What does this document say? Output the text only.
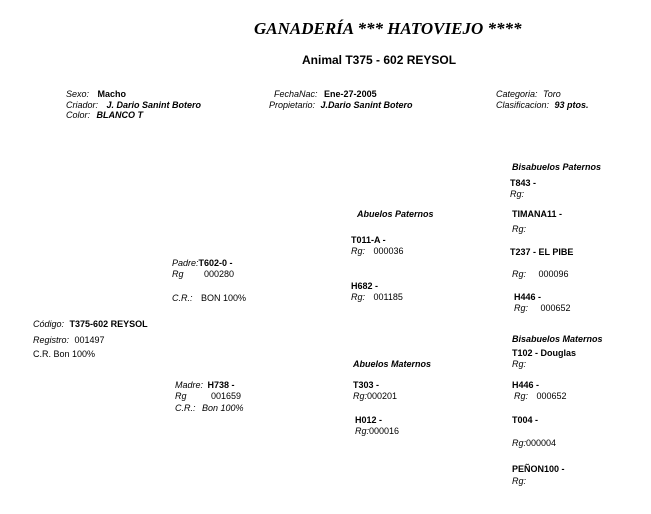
GANADERÍA *** HATOVIEJO ****
Animal T375 - 602 REYSOL
Sexo: Macho
Criador: J. Dario Sanint Botero
Color: BLANCO T
FechaNac: Ene-27-2005
Propietario: J.Dario Sanint Botero
Categoria: Toro
Clasificacion: 93 ptos.
Código: T375-602 REYSOL
Registro: 001497
C.R. Bon 100%
Padre:T602-0 -
Rg 000280
C.R.: BON 100%
Madre: H738 -
Rg	001659
C.R.: Bon 100%
Abuelos Paternos
T011-A -
Rg: 000036
H682 -
Rg: 001185
Abuelos Maternos
T303 -
Rg:000201
H012 -
Rg:000016
Bisabuelos Paternos
T843 -
Rg:
TIMANA11 -
Rg:
T237 - EL PIBE
Rg: 000096
H446 -
Rg: 000652
Bisabuelos Maternos
T102 - Douglas
Rg:
H446 -
Rg: 000652
T004 -
Rg:000004
PEÑON100 -
Rg:
